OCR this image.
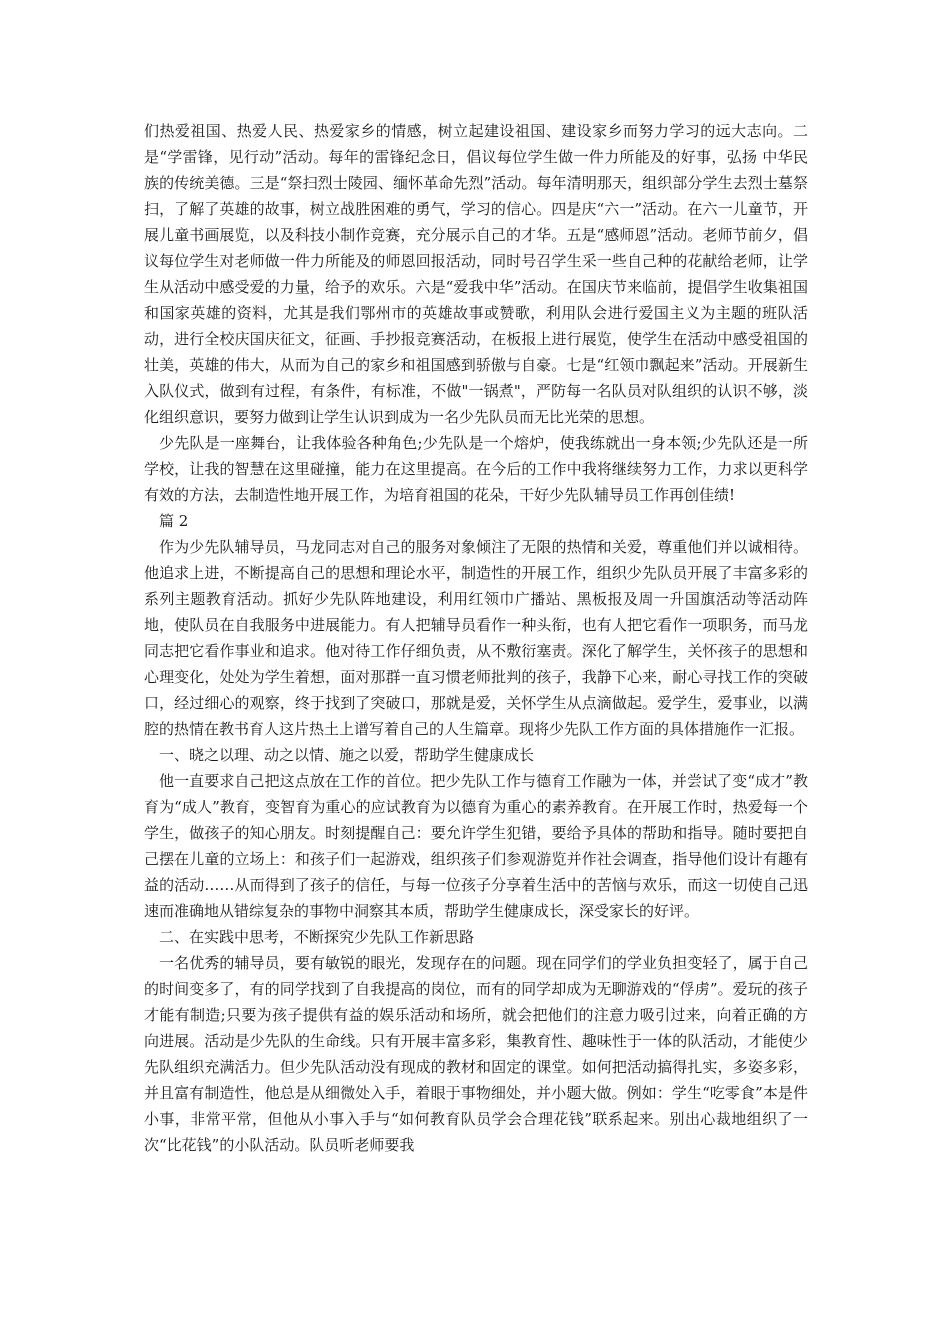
们热爱祖国、热爱人民、热爱家乡的情感，树立起建设祖国、建设家乡而努力学习的远大志向。二是“学雷锋，见行动”活动。每年的雷锋纪念日，倡议每位学生做一件力所能及的好事，弘扬 中华民族的传统美德。三是“祭扫烈士陵园、缅怀革命先烈”活动。每年清明那天，组织部分学生去烈士墓祭扫，了解了英雄的故事，树立战胜困难的勇气，学习的信心。四是庆“六一”活动。在六一儿童节，开展儿童书画展览，以及科技小制作竞赛，充分展示自己的才华。五是“感师恩”活动。老师节前夕，倡议每位学生对老师做一件力所能及的师恩回报活动，同时号召学生采一些自己种的花献给老师，让学生从活动中感受爱的力量，给予的欢乐。六是“爱我中华”活动。在国庆节来临前，提倡学生收集祖国和国家英雄的资料，尤其是我们鄂州市的英雄故事或赞歌，利用队会进行爱国主义为主题的班队活动，进行全校庆国庆征文，征画、手抄报竞赛活动，在板报上进行展览，使学生在活动中感受祖国的壮美，英雄的伟大，从而为自己的家乡和祖国感到骄傲与自豪。七是“红领巾飘起来”活动。开展新生入队仪式，做到有过程，有条件，有标准，不做"一锅煮"，严防每一名队员对队组织的认识不够，淡化组织意识，要努力做到让学生认识到成为一名少先队员而无比光荣的思想。

少先队是一座舞台，让我体验各种角色;少先队是一个熔炉，使我练就出一身本领;少先队还是一所学校，让我的智慧在这里碰撞，能力在这里提高。在今后的工作中我将继续努力工作，力求以更科学有效的方法，去制造性地开展工作，为培育祖国的花朵，干好少先队辅导员工作再创佳绩!

篇 2

作为少先队辅导员，马龙同志对自己的服务对象倾注了无限的热情和关爱，尊重他们并以诚相待。他追求上进，不断提高自己的思想和理论水平，制造性的开展工作，组织少先队员开展了丰富多彩的系列主题教育活动。抓好少先队阵地建设，利用红领巾广播站、黑板报及周一升国旗活动等活动阵地，使队员在自我服务中进展能力。有人把辅导员看作一种头衔，也有人把它看作一项职务，而马龙同志把它看作事业和追求。他对待工作仔细负责，从不敷衍塞责。深化了解学生，关怀孩子的思想和心理变化，处处为学生着想，面对那群一直习惯老师批判的孩子，我静下心来，耐心寻找工作的突破口，经过细心的观察，终于找到了突破口，那就是爱，关怀学生从点滴做起。爱学生，爱事业，以满腔的热情在教书育人这片热土上谱写着自己的人生篇章。现将少先队工作方面的具体措施作一汇报。

一、晓之以理、动之以情、施之以爱，帮助学生健康成长

他一直要求自己把这点放在工作的首位。把少先队工作与德育工作融为一体，并尝试了变“成才”教育为“成人”教育，变智育为重心的应试教育为以德育为重心的素养教育。在开展工作时，热爱每一个学生，做孩子的知心朋友。时刻提醒自己：要允许学生犯错，要给予具体的帮助和指导。随时要把自己摆在儿童的立场上：和孩子们一起游戏，组织孩子们参观游览并作社会调查，指导他们设计有趣有益的活动……从而得到了孩子的信任，与每一位孩子分享着生活中的苦恼与欢乐，而这一切使自己迅速而准确地从错综复杂的事物中洞察其本质，帮助学生健康成长，深受家长的好评。

二、在实践中思考，不断探究少先队工作新思路

一名优秀的辅导员，要有敏锐的眼光，发现存在的问题。现在同学们的学业负担变轻了，属于自己的时间变多了，有的同学找到了自我提高的岗位，而有的同学却成为无聊游戏的“俘虏”。爱玩的孩子才能有制造;只要为孩子提供有益的娱乐活动和场所，就会把他们的注意力吸引过来，向着正确的方向进展。活动是少先队的生命线。只有开展丰富多彩，集教育性、趣味性于一体的队活动，才能使少先队组织充满活力。但少先队活动没有现成的教材和固定的课堂。如何把活动搞得扎实，多姿多彩，并且富有制造性，他总是从细微处入手，着眼于事物细处，并小题大做。例如：学生“吃零食”本是件小事，非常平常，但他从小事入手与“如何教育队员学会合理花钱”联系起来。别出心裁地组织了一次“比花钱”的小队活动。队员听老师要我
